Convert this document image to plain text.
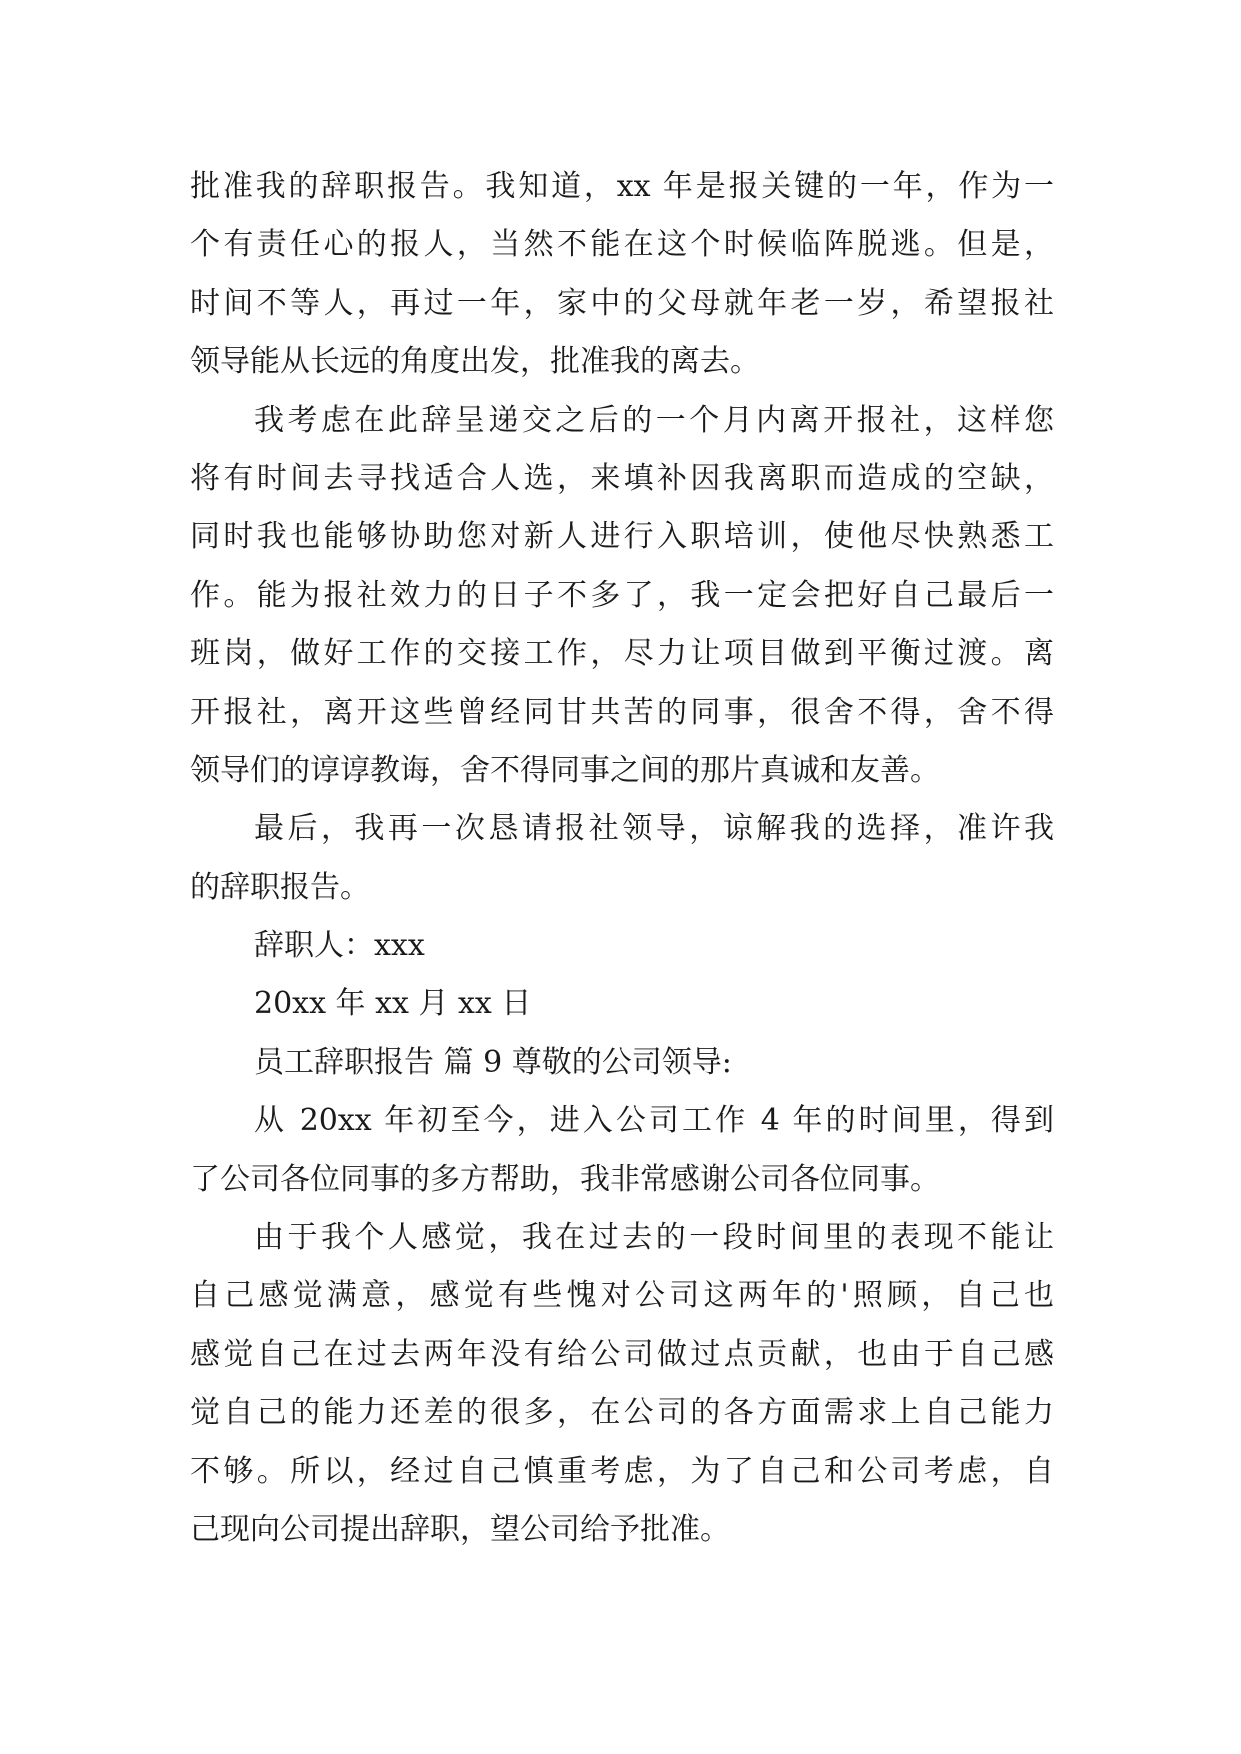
批准我的辞职报告。我知道，xx 年是报关键的一年，作为一
个有责任心的报人，当然不能在这个时候临阵脱逃。但是，
时间不等人，再过一年，家中的父母就年老一岁，希望报社
领导能从长远的角度出发，批准我的离去。
我考虑在此辞呈递交之后的一个月内离开报社，这样您
将有时间去寻找适合人选，来填补因我离职而造成的空缺，
同时我也能够协助您对新人进行入职培训，使他尽快熟悉工
作。能为报社效力的日子不多了，我一定会把好自己最后一
班岗，做好工作的交接工作，尽力让项目做到平衡过渡。离
开报社，离开这些曾经同甘共苦的同事，很舍不得，舍不得
领导们的谆谆教诲，舍不得同事之间的那片真诚和友善。
最后，我再一次恳请报社领导，谅解我的选择，准许我
的辞职报告。
辞职人：xxx
20xx 年 xx 月 xx 日
员工辞职报告 篇 9 尊敬的公司领导:
从 20xx 年初至今，进入公司工作 4 年的时间里，得到
了公司各位同事的多方帮助，我非常感谢公司各位同事。
由于我个人感觉，我在过去的一段时间里的表现不能让
自己感觉满意，感觉有些愧对公司这两年的'照顾，自己也
感觉自己在过去两年没有给公司做过点贡献，也由于自己感
觉自己的能力还差的很多，在公司的各方面需求上自己能力
不够。所以，经过自己慎重考虑，为了自己和公司考虑，自
己现向公司提出辞职，望公司给予批准。
